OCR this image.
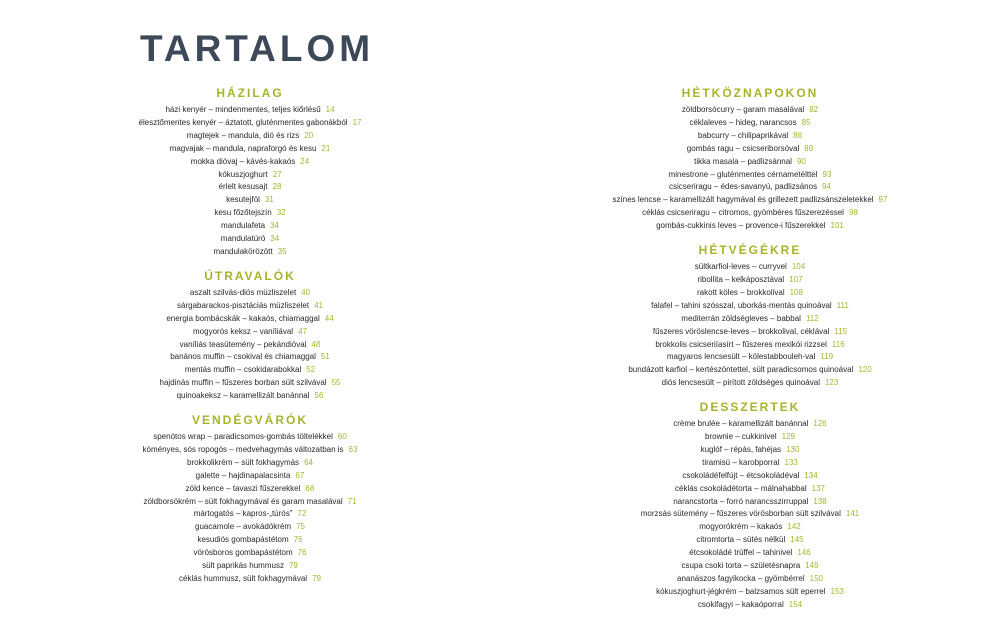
TARTALOM
HÁZILAG
házi kenyér – mindenmentes, teljes kiőrlésű 14
élesztőmentes kenyér – áztatott, gluténmentes gabonákból 17
magtejek – mandula, dió és rizs 20
magvajak – mandula, napraforgó és kesu 21
mokka dióvaj – kávés-kakaós 24
kókuszjoghurt 27
érlelt kesusajt 28
kesutejföl 31
kesu főzőtejszín 32
mandulafeta 34
mandulatúró 34
mandulakörözött 35
ÚTRAVALÓK
aszalt szilvás-diós müzliszelet 40
sárgabarackos-pisztáciás müzliszelet 41
energia bombácskák – kakaós, chiamaggal 44
mogyorós keksz – vaníliával 47
vaníliás teasütemény – pekándióval 48
banános muffin – csokival és chiamaggal 51
mentás muffin – csokidarabokkal 52
hajdinás muffin – fűszeres borban sült szilvával 55
quinoakeksz – karamellizált banánnal 56
VENDÉGVÁRÓK
spenótos wrap – paradicsomos-gombás töltelékkel 60
köményes, sós ropogós – medvehagymás változatban is 63
brokkolikrém – sült fokhagymás 64
galette – hajdinapalacsinta 67
zöld kence – tavaszi fűszerekkel 68
zöldborsókrém – sült fokhagymával és garam masalával 71
mártogatós – kapros-„túrós” 72
guacamole – avokádókrém 75
kesudiós gombapástétom 76
vörösboros gombapástétom 76
sült paprikás hummusz 79
céklás hummusz, sült fokhagymával 79
HÉTKÖZNAPOKON
zöldborsócurry – garam masalával 82
céklaleves – hideg, narancsos 85
babcurry – chilipaprikával 86
gombás ragu – csicseriborsóval 89
tikka masala – padlizsánnal 90
minestrone – gluténmentes cérnametélttel 93
csicseriragu – édes-savanyú, padlizsános 94
színes lencse – karamellizált hagymával és grillezett padlizsánszeletekkel 97
céklás csicseriragu – citromos, gyömbéres fűszerezéssel 98
gombás-cukkinis leves – provence-i fűszerekkel 101
HÉTVÉGÉKRE
sültkarfiol-leves – curryvel 104
ribollita – kelkáposztával 107
rakott köles – brokkolival 108
falafel – tahini szósszal, uborkás-mentás quinoával 111
mediterrán zöldségleves – babbal 112
fűszeres vöröslencse-leves – brokkolival, céklával 115
brokkolis csicseriíasírt – fűszeres mexikói rizzsel 116
magyaros lencsesült – kölestabbouleh-val 119
bundázott karfiol – kertészöntettel, sült paradicsomos quinoával 120
diós lencsesült – pirított zöldséges quinoával 123
DESSZERTEK
crème brulée – karamellizált banánnal 126
brownie – cukkinivel 129
kuglóf – répás, fahéjas 130
tiramisú – karobporral 133
csokoládéfelfújt – étcsokoládéval 134
céklás csokoládétorta – málnahabbal 137
narancstorta – forró narancsszirruppal 138
morzsás sütemény – fűszeres vörösborban sült szilvával 141
mogyorókrém – kakaós 142
citromtorta – sütés nélkül 145
étcsokoládé trüffel – tahinivel 146
csupa csoki torta – születésnapra 149
ananászos fagyikocka – gyömbérrel 150
kókuszjoghurt-jégkrém – balzsamos sült eperrel 153
csokifagyi – kakaóporral 154
